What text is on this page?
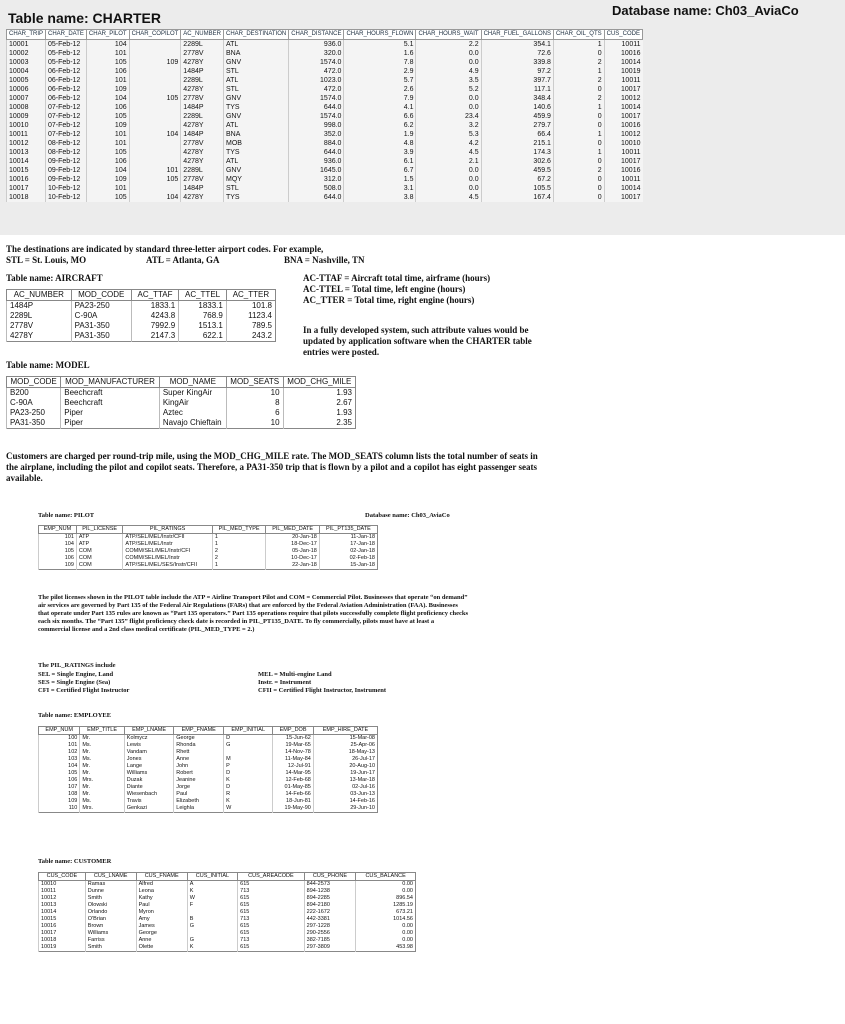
Table name: CHARTER	Database name: Ch03_AviaCo
CHAR_TRIP	CHAR_DATE	CHAR_PILOT	CHAR_COPILOT	AC_NUMBER	CHAR_DESTINATION	CHAR_DISTANCE	CHAR_HOURS_FLOWN	CHAR_HOURS_WAIT	CHAR_FUEL_GALLONS	CHAR_OIL_QTS	CUS_CODE
10001	05-Feb-12	104		2289L	ATL	936.0	5.1	2.2	354.1	1	10011
10002	05-Feb-12	101		2778V	BNA	320.0	1.6	0.0	72.6	0	10016
10003	05-Feb-12	105	109	4278Y	GNV	1574.0	7.8	0.0	339.8	2	10014
10004	06-Feb-12	106		1484P	STL	472.0	2.9	4.9	97.2	1	10019
10005	06-Feb-12	101		2289L	ATL	1023.0	5.7	3.5	397.7	2	10011
10006	06-Feb-12	109		4278Y	STL	472.0	2.6	5.2	117.1	0	10017
10007	06-Feb-12	104	105	2778V	GNV	1574.0	7.9	0.0	348.4	2	10012
10008	07-Feb-12	106		1484P	TYS	644.0	4.1	0.0	140.6	1	10014
10009	07-Feb-12	105		2289L	GNV	1574.0	6.6	23.4	459.9	0	10017
10010	07-Feb-12	109		4278Y	ATL	998.0	6.2	3.2	279.7	0	10016
10011	07-Feb-12	101	104	1484P	BNA	352.0	1.9	5.3	66.4	1	10012
10012	08-Feb-12	101		2778V	MOB	884.0	4.8	4.2	215.1	0	10010
10013	08-Feb-12	105		4278Y	TYS	644.0	3.9	4.5	174.3	1	10011
10014	09-Feb-12	106		4278Y	ATL	936.0	6.1	2.1	302.6	0	10017
10015	09-Feb-12	104	101	2289L	GNV	1645.0	6.7	0.0	459.5	2	10016
10016	09-Feb-12	109	105	2778V	MQY	312.0	1.5	0.0	67.2	0	10011
10017	10-Feb-12	101		1484P	STL	508.0	3.1	0.0	105.5	0	10014
10018	10-Feb-12	105	104	4278Y	TYS	644.0	3.8	4.5	167.4	0	10017
The destinations are indicated by standard three-letter airport codes. For example,
STL = St. Louis, MO	ATL = Atlanta, GA	BNA = Nashville, TN
Table name: AIRCRAFT
AC_NUMBER	MOD_CODE	AC_TTAF	AC_TTEL	AC_TTER
1484P	PA23-250	1833.1	1833.1	101.8
2289L	C-90A	4243.8	768.9	1123.4
2778V	PA31-350	7992.9	1513.1	789.5
4278Y	PA31-350	2147.3	622.1	243.2
AC-TTAF = Aircraft total time, airframe (hours)
AC-TTEL = Total time, left engine (hours)
AC_TTER = Total time, right engine (hours)
In a fully developed system, such attribute values would be updated by application software when the CHARTER table entries were posted.
Table name: MODEL
MOD_CODE	MOD_MANUFACTURER	MOD_NAME	MOD_SEATS	MOD_CHG_MILE
B200	Beechcraft	Super KingAir	10	1.93
C-90A	Beechcraft	KingAir	8	2.67
PA23-250	Piper	Aztec	6	1.93
PA31-350	Piper	Navajo Chieftain	10	2.35
Customers are charged per round-trip mile, using the MOD_CHG_MILE rate. The MOD_SEATS column lists the total number of seats in the airplane, including the pilot and copilot seats. Therefore, a PA31-350 trip that is flown by a pilot and a copilot has eight passenger seats available.
Table name: PILOT	Database name: Ch03_AviaCo
EMP_NUM	PIL_LICENSE	PIL_RATINGS	PIL_MED_TYPE	PIL_MED_DATE	PIL_PT135_DATE
101	ATP	ATP/SEL/MEL/Instr/CFII	1	20-Jan-18	11-Jan-18
104	ATP	ATP/SEL/MEL/Instr	1	18-Dec-17	17-Jan-18
105	COM	COMM/SEL/MEL/Instr/CFI	2	05-Jan-18	02-Jan-18
106	COM	COMM/SEL/MEL/Instr	2	10-Dec-17	02-Feb-18
109	COM	ATP/SEL/MEL/SES/Instr/CFII	1	22-Jan-18	15-Jan-18
The pilot licenses shown in the PILOT table include the ATP = Airline Transport Pilot and COM = Commercial Pilot. Businesses that operate “on demand” air services are governed by Part 135 of the Federal Air Regulations (FARs) that are enforced by the Federal Aviation Administration (FAA). Businesses that operate under Part 135 rules are known as “Part 135 operators.” Part 135 operations require that pilots successfully complete flight proficiency checks each six months. The “Part 135” flight proficiency check date is recorded in PIL_PT135_DATE. To fly commercially, pilots must have at least a commercial license and a 2nd class medical certificate (PIL_MED_TYPE = 2.)
The PIL_RATINGS include
SEL = Single Engine, Land
SES = Single Engine (Sea)
CFI = Certified Flight Instructor
MEL = Multi-engine Land
Instr. = Instrument
CFII = Certified Flight Instructor, Instrument
Table name: EMPLOYEE
EMP_NUM	EMP_TITLE	EMP_LNAME	EMP_FNAME	EMP_INITIAL	EMP_DOB	EMP_HIRE_DATE
100	Mr.	Kolmycz	George	D	15-Jun-62	15-Mar-08
101	Ms.	Lewis	Rhonda	G	19-Mar-65	25-Apr-06
102	Mr.	Vandam	Rhett		14-Nov-78	18-May-13
103	Ms.	Jones	Anne	M	11-May-84	26-Jul-17
104	Mr.	Lange	John	P	12-Jul-91	20-Aug-10
105	Mr.	Williams	Robert	D	14-Mar-95	19-Jun-17
106	Mrs.	Duzak	Jeanine	K	12-Feb-68	13-Mar-18
107	Mr.	Diante	Jorge	D	01-May-85	02-Jul-16
108	Mr.	Wiesenbach	Paul	R	14-Feb-66	03-Jun-13
109	Ms.	Travis	Elizabeth	K	18-Jun-81	14-Feb-16
110	Mrs.	Genkazi	Leighla	W	19-May-90	29-Jun-10
Table name: CUSTOMER
CUS_CODE	CUS_LNAME	CUS_FNAME	CUS_INITIAL	CUS_AREACODE	CUS_PHONE	CUS_BALANCE
10010	Ramas	Alfred	A	615	844-2573	0.00
10011	Dunne	Leona	K	713	894-1238	0.00
10012	Smith	Kathy	W	615	894-2285	896.54
10013	Olowski	Paul	F	615	894-2180	1285.19
10014	Orlando	Myron		615	222-1672	673.21
10015	O'Brian	Amy	B	713	442-3381	1014.56
10016	Brown	James	G	615	297-1228	0.00
10017	Williams	George		615	290-2556	0.00
10018	Farriss	Anne	G	713	382-7185	0.00
10019	Smith	Olette	K	615	297-3809	453.98
